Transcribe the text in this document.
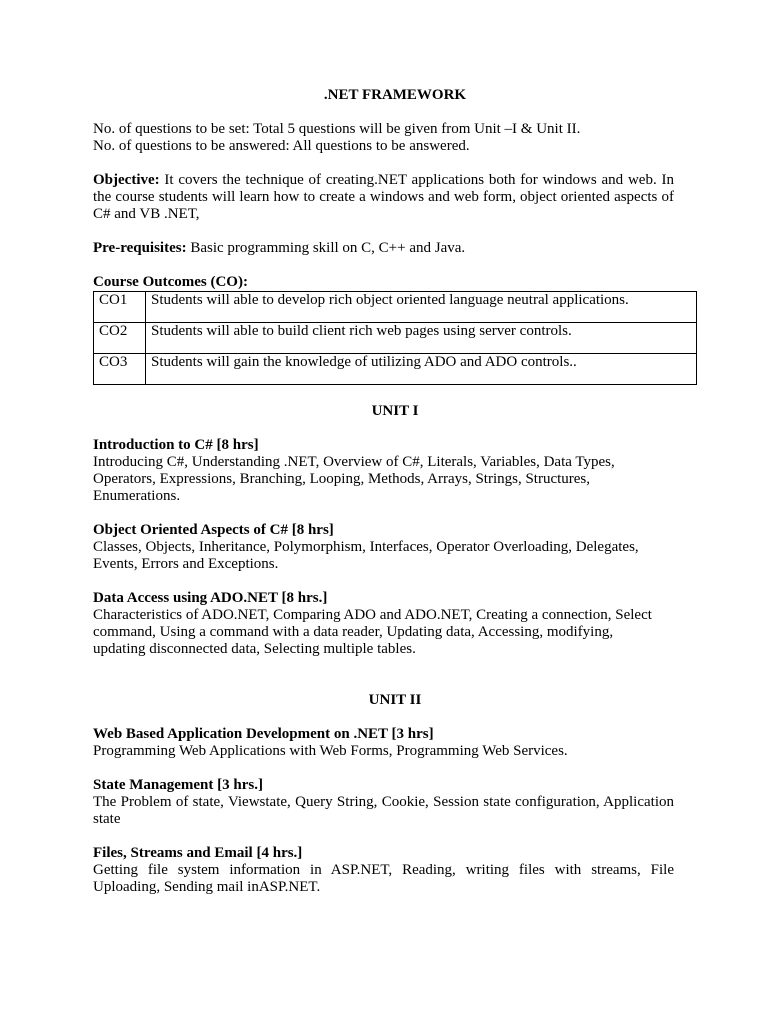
.NET FRAMEWORK

No. of questions to be set: Total 5 questions will be given from Unit –I & Unit II.

No. of questions to be answered: All questions to be answered.

Objective: It covers the technique of creating.NET applications both for windows and web. In the course students will learn how to create a windows and web form, object oriented aspects of C# and VB .NET,

Pre-requisites: Basic programming skill on C, C++ and Java.

Course Outcomes (CO):

CO1	Students will able to develop rich object oriented language neutral applications.
CO2	Students will able to build client rich web pages using server controls.
CO3	Students will gain the knowledge of utilizing ADO and ADO controls..
UNIT I

Introduction to C# [8 hrs]

Introducing C#, Understanding .NET, Overview of C#, Literals, Variables, Data Types,

Operators, Expressions, Branching, Looping, Methods, Arrays, Strings, Structures,

Enumerations.

Object Oriented Aspects of C# [8 hrs]

Classes, Objects, Inheritance, Polymorphism, Interfaces, Operator Overloading, Delegates,

Events, Errors and Exceptions.

Data Access using ADO.NET [8 hrs.]

Characteristics of ADO.NET, Comparing ADO and ADO.NET, Creating a connection, Select

command, Using a command with a data reader, Updating data, Accessing, modifying,

updating disconnected data, Selecting multiple tables.

UNIT II

Web Based Application Development on .NET [3 hrs]

Programming Web Applications with Web Forms, Programming Web Services.

State Management [3 hrs.]

The Problem of state, Viewstate, Query String, Cookie, Session state configuration, Application state

Files, Streams and Email [4 hrs.]

Getting file system information in ASP.NET, Reading, writing files with streams, File Uploading, Sending mail inASP.NET.
